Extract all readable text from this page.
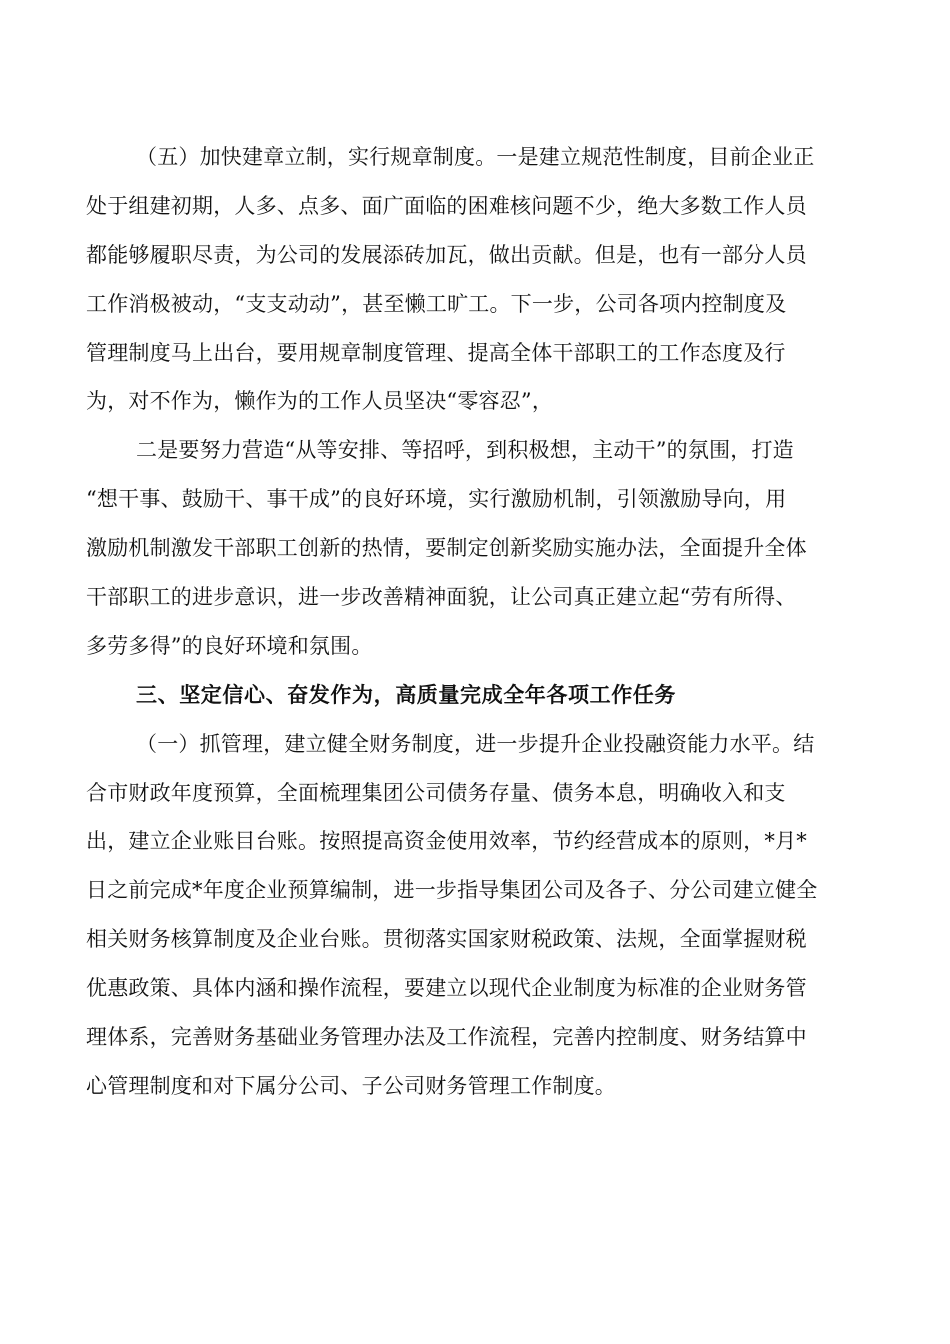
（五）加快建章立制，实行规章制度。一是建立规范性制度，目前企业正
处于组建初期，人多、点多、面广面临的困难核问题不少，绝大多数工作人员
都能够履职尽责，为公司的发展添砖加瓦，做出贡献。但是，也有一部分人员
工作消极被动，“支支动动”，甚至懒工旷工。下一步，公司各项内控制度及
管理制度马上出台，要用规章制度管理、提高全体干部职工的工作态度及行
为，对不作为，懒作为的工作人员坚决“零容忍”，
二是要努力营造“从等安排、等招呼，到积极想，主动干”的氛围，打造
“想干事、鼓励干、事干成”的良好环境，实行激励机制，引领激励导向，用
激励机制激发干部职工创新的热情，要制定创新奖励实施办法，全面提升全体
干部职工的进步意识，进一步改善精神面貌，让公司真正建立起“劳有所得、
多劳多得”的良好环境和氛围。
三、坚定信心、奋发作为，高质量完成全年各项工作任务
（一）抓管理，建立健全财务制度，进一步提升企业投融资能力水平。结
合市财政年度预算，全面梳理集团公司债务存量、债务本息，明确收入和支
出，建立企业账目台账。按照提高资金使用效率，节约经营成本的原则，*月*
日之前完成*年度企业预算编制，进一步指导集团公司及各子、分公司建立健全
相关财务核算制度及企业台账。贯彻落实国家财税政策、法规，全面掌握财税
优惠政策、具体内涵和操作流程，要建立以现代企业制度为标准的企业财务管
理体系，完善财务基础业务管理办法及工作流程，完善内控制度、财务结算中
心管理制度和对下属分公司、子公司财务管理工作制度。
